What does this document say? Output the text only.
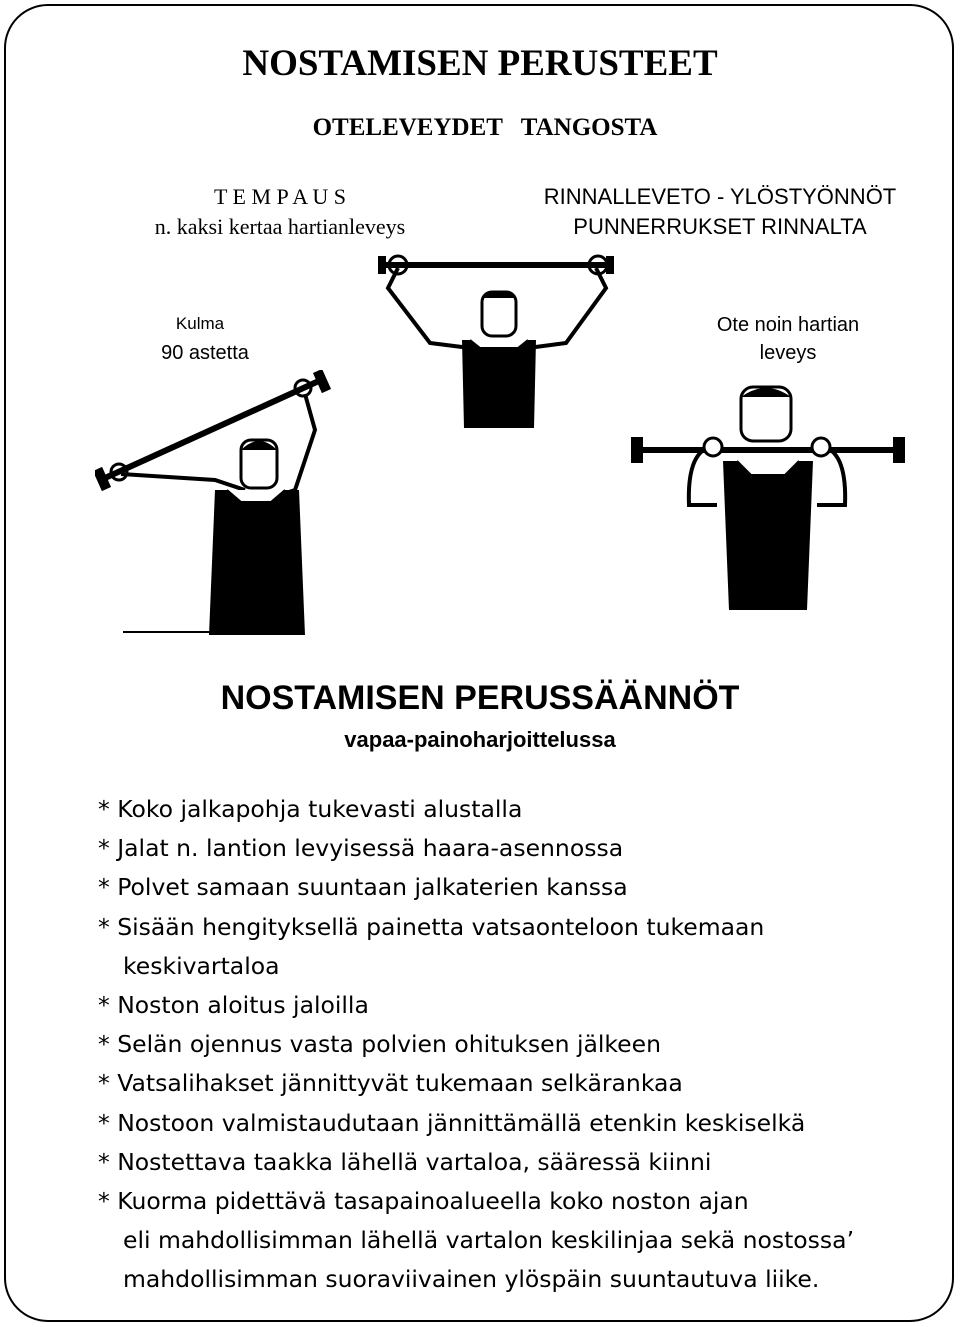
NOSTAMISEN PERUSTEET
OTELEVEYDET   TANGOSTA
T E M P A U S
n. kaksi kertaa hartianleveys
RINNALLEVETO - YLÖSTYÖNNÖT
PUNNERRUKSET RINNALTA
Kulma
90 astetta
Ote noin hartian
leveys
NOSTAMISEN PERUSSÄÄNNÖT
vapaa-painoharjoittelussa
* Koko jalkapohja tukevasti alustalla
* Jalat n. lantion levyisessä haara-asennossa
* Polvet samaan suuntaan jalkaterien kanssa
* Sisään hengityksellä painetta vatsaonteloon tukemaan
keskivartaloa
* Noston aloitus jaloilla
* Selän ojennus vasta polvien ohituksen jälkeen
* Vatsalihakset jännittyvät tukemaan selkärankaa
* Nostoon valmistaudutaan jännittämällä etenkin keskiselkä
* Nostettava taakka lähellä vartaloa, sääressä kiinni
* Kuorma pidettävä tasapainoalueella koko noston ajan
eli mahdollisimman lähellä vartalon keskilinjaa sekä nostossa’
mahdollisimman suoraviivainen ylöspäin suuntautuva liike.
